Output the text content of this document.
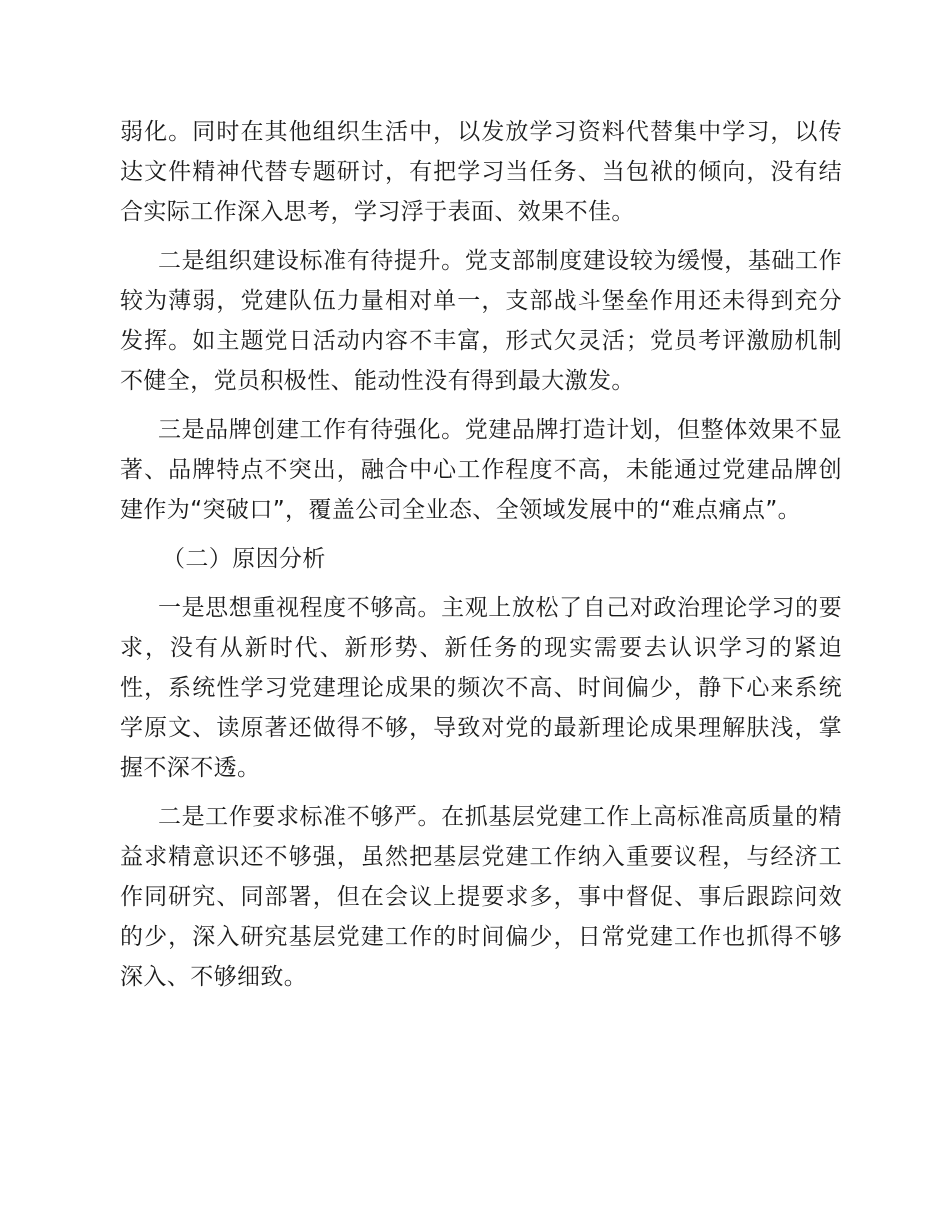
弱化。同时在其他组织生活中，以发放学习资料代替集中学习，以传达文件精神代替专题研讨，有把学习当任务、当包袱的倾向，没有结合实际工作深入思考，学习浮于表面、效果不佳。

二是组织建设标准有待提升。党支部制度建设较为缓慢，基础工作较为薄弱，党建队伍力量相对单一，支部战斗堡垒作用还未得到充分发挥。如主题党日活动内容不丰富，形式欠灵活；党员考评激励机制不健全，党员积极性、能动性没有得到最大激发。

三是品牌创建工作有待强化。党建品牌打造计划，但整体效果不显著、品牌特点不突出，融合中心工作程度不高，未能通过党建品牌创建作为“突破口”，覆盖公司全业态、全领域发展中的“难点痛点”。

（二）原因分析

一是思想重视程度不够高。主观上放松了自己对政治理论学习的要求，没有从新时代、新形势、新任务的现实需要去认识学习的紧迫性，系统性学习党建理论成果的频次不高、时间偏少，静下心来系统学原文、读原著还做得不够，导致对党的最新理论成果理解肤浅，掌握不深不透。

二是工作要求标准不够严。在抓基层党建工作上高标准高质量的精益求精意识还不够强，虽然把基层党建工作纳入重要议程，与经济工作同研究、同部署，但在会议上提要求多，事中督促、事后跟踪问效的少，深入研究基层党建工作的时间偏少，日常党建工作也抓得不够深入、不够细致。
